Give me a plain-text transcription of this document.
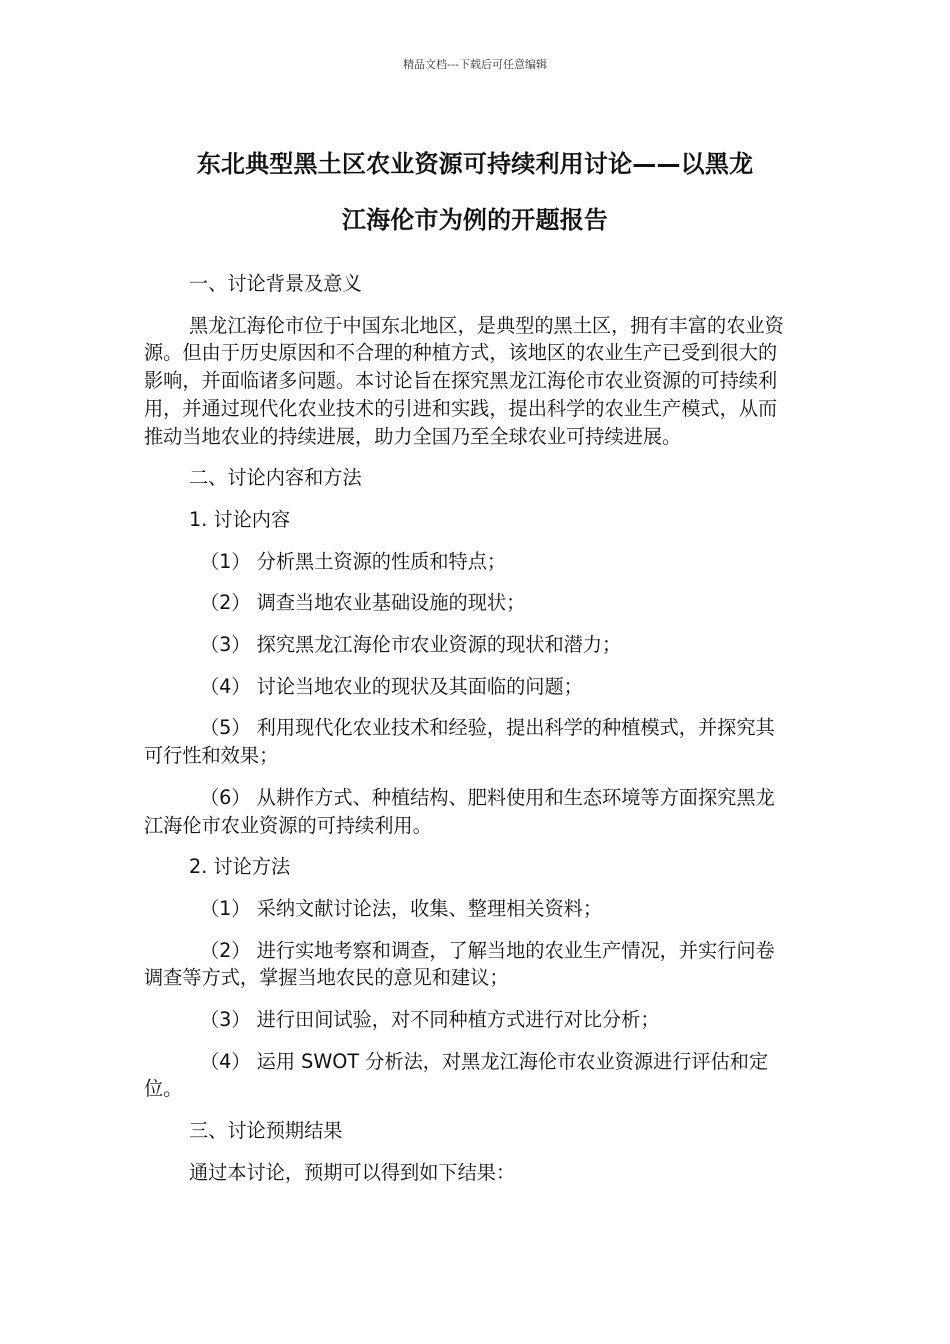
精品文档---下载后可任意编辑
东北典型黑土区农业资源可持续利用讨论——以黑龙
江海伦市为例的开题报告

一、讨论背景及意义

黑龙江海伦市位于中国东北地区，是典型的黑土区，拥有丰富的农业资源。但由于历史原因和不合理的种植方式，该地区的农业生产已受到很大的影响，并面临诸多问题。本讨论旨在探究黑龙江海伦市农业资源的可持续利用，并通过现代化农业技术的引进和实践，提出科学的农业生产模式，从而推动当地农业的持续进展，助力全国乃至全球农业可持续进展。

二、讨论内容和方法

1. 讨论内容

（1） 分析黑土资源的性质和特点；

（2） 调查当地农业基础设施的现状；

（3） 探究黑龙江海伦市农业资源的现状和潜力；

（4） 讨论当地农业的现状及其面临的问题；

（5） 利用现代化农业技术和经验，提出科学的种植模式，并探究其可行性和效果；

（6） 从耕作方式、种植结构、肥料使用和生态环境等方面探究黑龙江海伦市农业资源的可持续利用。

2. 讨论方法

（1） 采纳文献讨论法，收集、整理相关资料；

（2） 进行实地考察和调查，了解当地的农业生产情况，并实行问卷调查等方式，掌握当地农民的意见和建议；

（3） 进行田间试验，对不同种植方式进行对比分析；

（4） 运用 SWOT 分析法，对黑龙江海伦市农业资源进行评估和定位。

三、讨论预期结果

通过本讨论，预期可以得到如下结果：
